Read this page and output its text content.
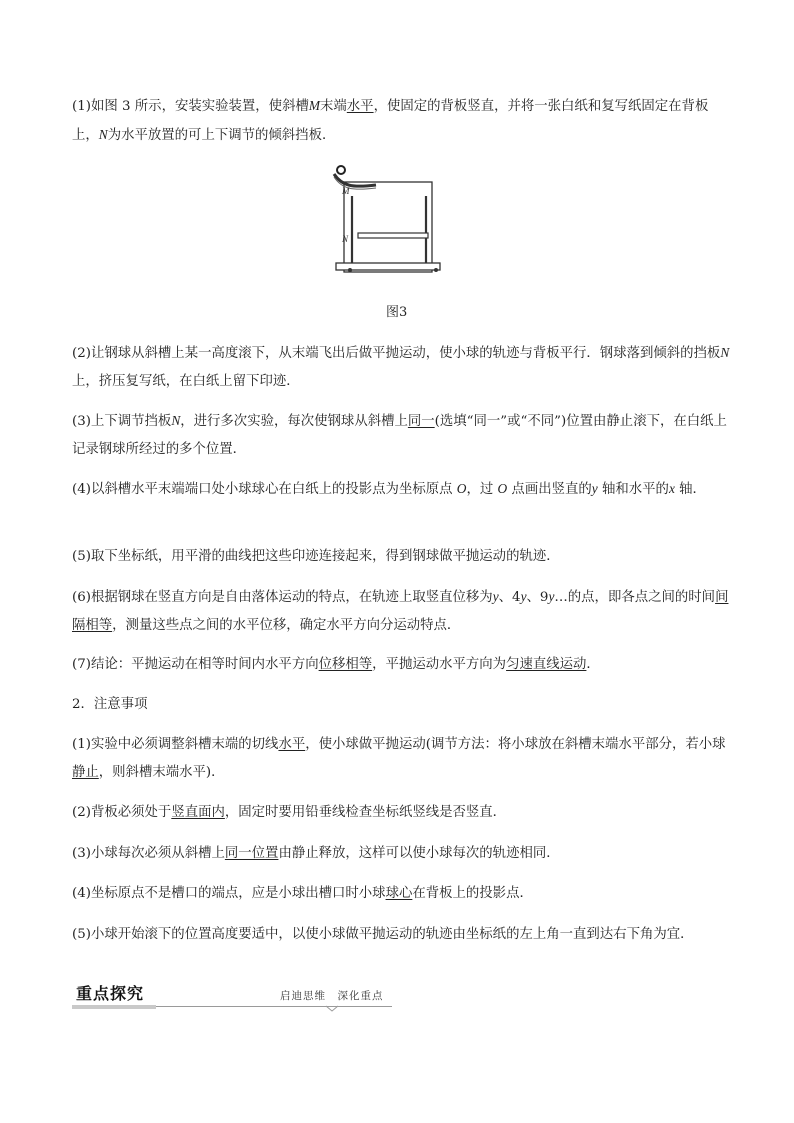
(1)如图 3 所示，安装实验装置，使斜槽M末端水平，使固定的背板竖直，并将一张白纸和复写纸固定在背板上，N为水平放置的可上下调节的倾斜挡板．

M
N
图3

(2)让钢球从斜槽上某一高度滚下，从末端飞出后做平抛运动，使小球的轨迹与背板平行．钢球落到倾斜的挡板N上，挤压复写纸，在白纸上留下印迹．

(3)上下调节挡板N，进行多次实验，每次使钢球从斜槽上同一(选填“同一”或“不同”)位置由静止滚下，在白纸上记录钢球所经过的多个位置．

(4)以斜槽水平末端端口处小球球心在白纸上的投影点为坐标原点 O，过 O 点画出竖直的y 轴和水平的x 轴．

(5)取下坐标纸，用平滑的曲线把这些印迹连接起来，得到钢球做平抛运动的轨迹．

(6)根据钢球在竖直方向是自由落体运动的特点，在轨迹上取竖直位移为y、4y、9y…的点，即各点之间的时间间隔相等，测量这些点之间的水平位移，确定水平方向分运动特点．

(7)结论：平抛运动在相等时间内水平方向位移相等，平抛运动水平方向为匀速直线运动．

2．注意事项

(1)实验中必须调整斜槽末端的切线水平，使小球做平抛运动(调节方法：将小球放在斜槽末端水平部分，若小球静止，则斜槽末端水平)．

(2)背板必须处于竖直面内，固定时要用铅垂线检查坐标纸竖线是否竖直．

(3)小球每次必须从斜槽上同一位置由静止释放，这样可以使小球每次的轨迹相同．

(4)坐标原点不是槽口的端点，应是小球出槽口时小球球心在背板上的投影点．

(5)小球开始滚下的位置高度要适中，以使小球做平抛运动的轨迹由坐标纸的左上角一直到达右下角为宜．

重点探究	启迪思维　深化重点
